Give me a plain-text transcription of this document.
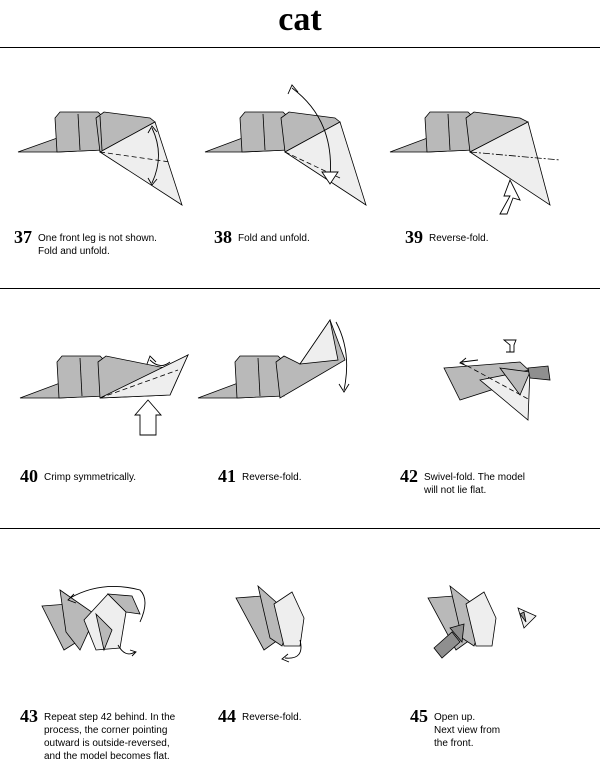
cat
37 One front leg is not shown.
Fold and unfold.
38 Fold and unfold.	39 Reverse-fold.
40 Crimp symmetrically.	41 Reverse-fold.	42 Swivel-fold. The model
will not lie flat.
43 Repeat step 42 behind. In the
process, the corner pointing
outward is outside-reversed,
and the model becomes flat.
44 Reverse-fold.	45 Open up.
Next view from
the front.
